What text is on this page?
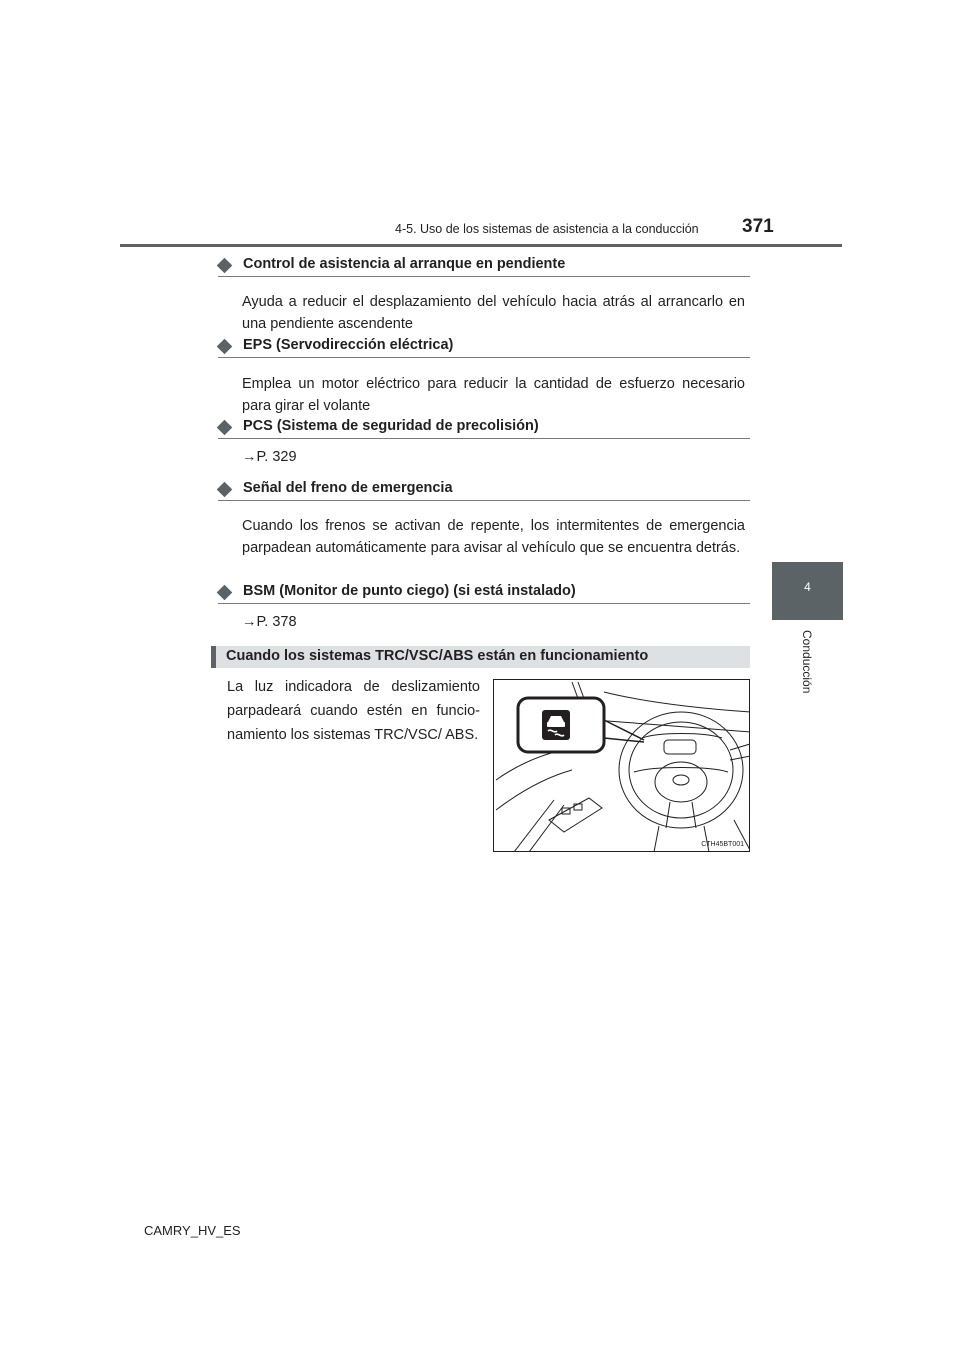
4-5. Uso de los sistemas de asistencia a la conducción 371
4
Conducción
Control de asistencia al arranque en pendiente
Ayuda a reducir el desplazamiento del vehículo hacia atrás al arrancarlo en una pendiente ascendente
EPS (Servodirección eléctrica)
Emplea un motor eléctrico para reducir la cantidad de esfuerzo necesario para girar el volante
PCS (Sistema de seguridad de precolisión)
→P. 329
Señal del freno de emergencia
Cuando los frenos se activan de repente, los intermitentes de emergencia parpadean automáticamente para avisar al vehículo que se encuentra detrás.
BSM (Monitor de punto ciego) (si está instalado)
→P. 378
Cuando los sistemas TRC/VSC/ABS están en funcionamiento
La luz indicadora de deslizamiento parpadeará cuando estén en funcionamiento los sistemas TRC/VSC/ ABS.
CTH45BT001
CAMRY_HV_ES
